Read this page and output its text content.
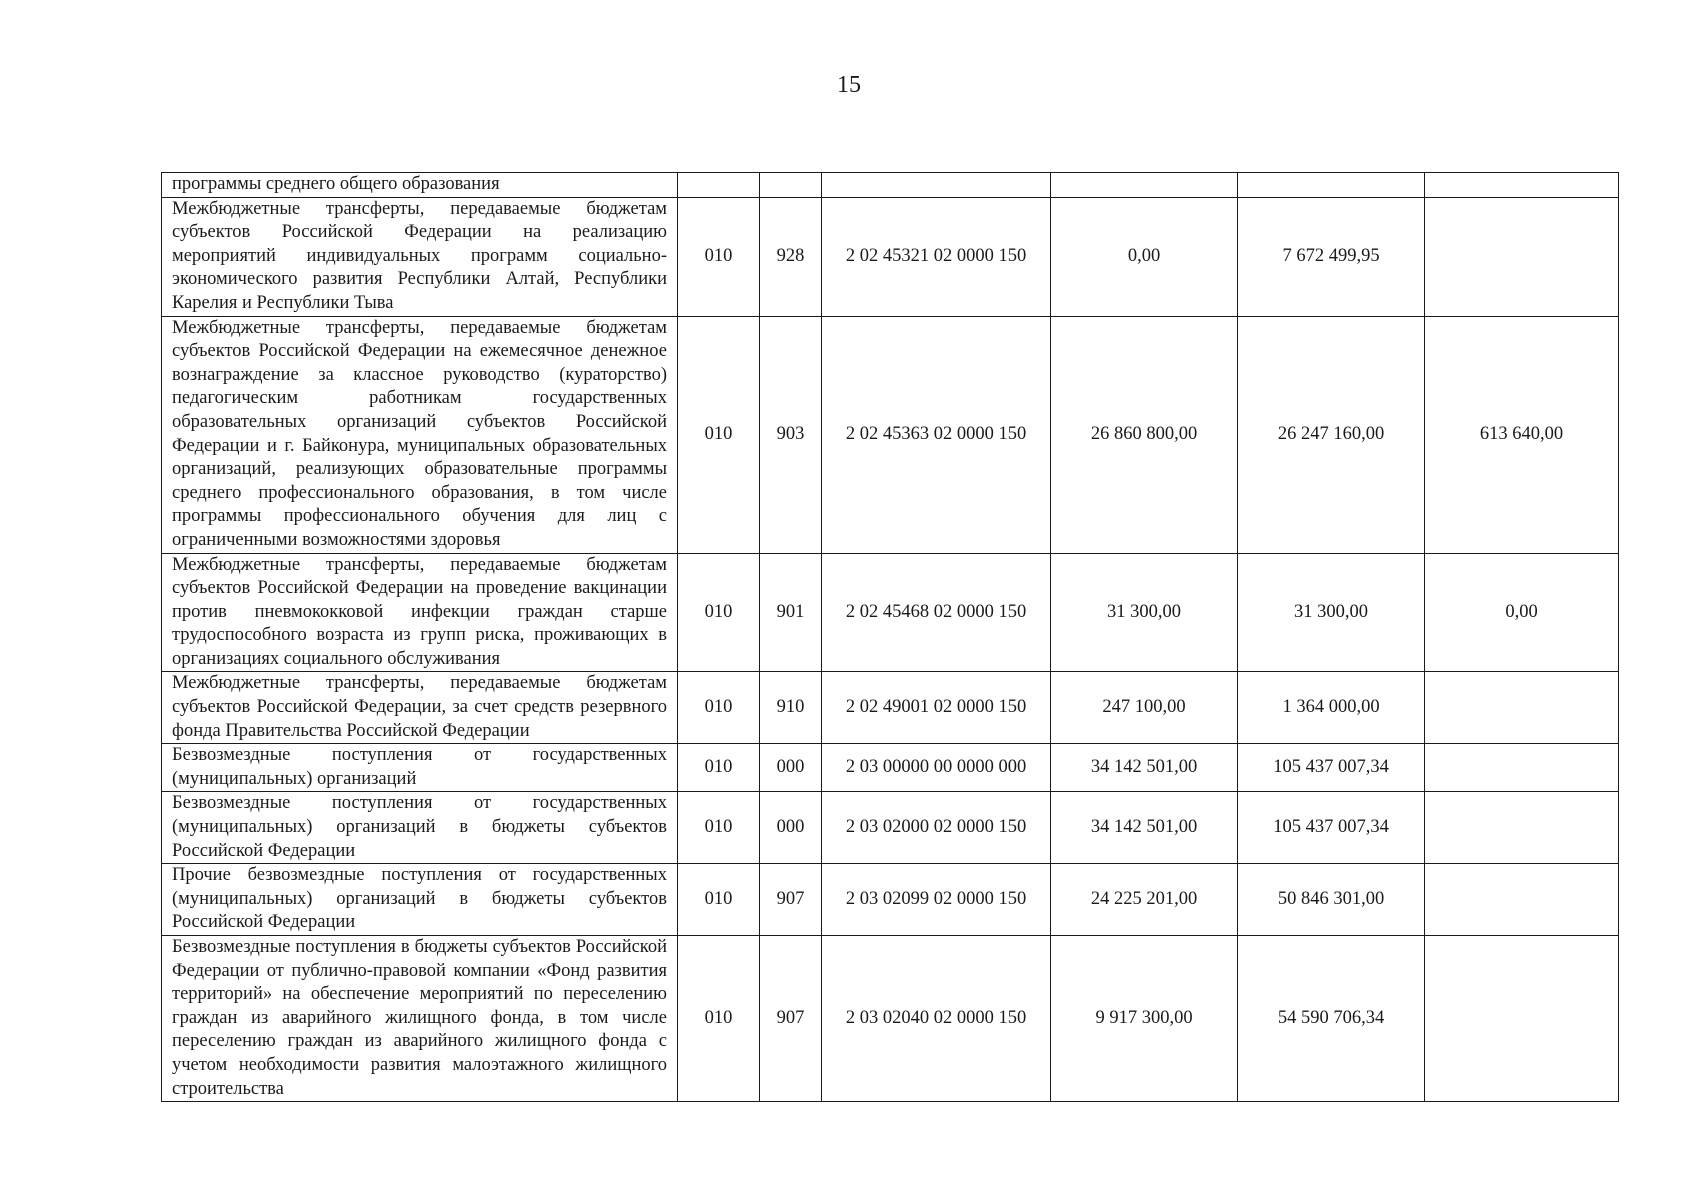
15
программы среднего общего образования						
Межбюджетные трансферты, передаваемые бюджетам субъектов Российской Федерации на реализацию мероприятий индивидуальных программ социально-экономического развития Республики Алтай, Республики Карелия и Республики Тыва	010	928	2 02 45321 02 0000 150	0,00	7 672 499,95	
Межбюджетные трансферты, передаваемые бюджетам субъектов Российской Федерации на ежемесячное денежное вознаграждение за классное руководство (кураторство) педагогическим работникам государственных образовательных организаций субъектов Российской Федерации и г. Байконура, муниципальных образовательных организаций, реализующих образовательные программы среднего профессионального образования, в том числе программы профессионального обучения для лиц с ограниченными возможностями здоровья	010	903	2 02 45363 02 0000 150	26 860 800,00	26 247 160,00	613 640,00
Межбюджетные трансферты, передаваемые бюджетам субъектов Российской Федерации на проведение вакцинации против пневмококковой инфекции граждан старше трудоспособного возраста из групп риска, проживающих в организациях социального обслуживания	010	901	2 02 45468 02 0000 150	31 300,00	31 300,00	0,00
Межбюджетные трансферты, передаваемые бюджетам субъектов Российской Федерации, за счет средств резервного фонда Правительства Российской Федерации	010	910	2 02 49001 02 0000 150	247 100,00	1 364 000,00	
Безвозмездные поступления от государственных (муниципальных) организаций	010	000	2 03 00000 00 0000 000	34 142 501,00	105 437 007,34	
Безвозмездные поступления от государственных (муниципальных) организаций в бюджеты субъектов Российской Федерации	010	000	2 03 02000 02 0000 150	34 142 501,00	105 437 007,34	
Прочие безвозмездные поступления от государственных (муниципальных) организаций в бюджеты субъектов Российской Федерации	010	907	2 03 02099 02 0000 150	24 225 201,00	50 846 301,00	
Безвозмездные поступления в бюджеты субъектов Российской Федерации от публично-правовой компании «Фонд развития территорий» на обеспечение мероприятий по переселению граждан из аварийного жилищного фонда, в том числе переселению граждан из аварийного жилищного фонда с учетом необходимости развития малоэтажного жилищного строительства	010	907	2 03 02040 02 0000 150	9 917 300,00	54 590 706,34	
